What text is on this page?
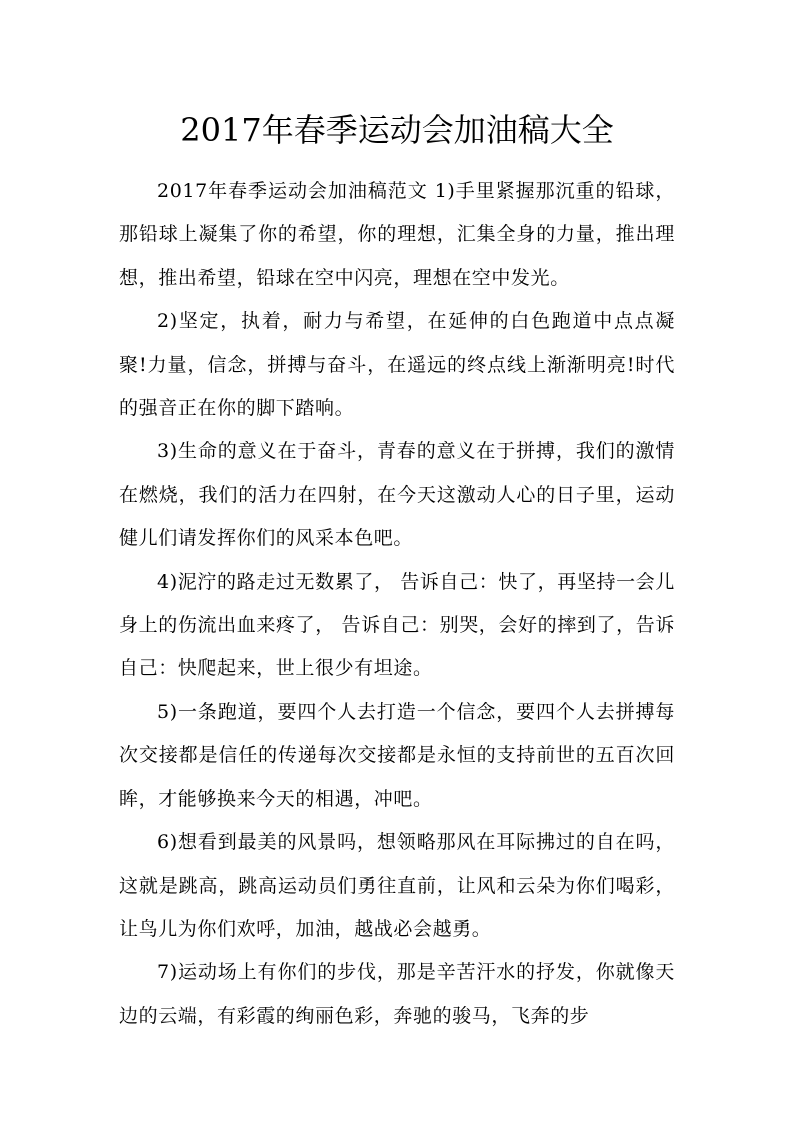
2017年春季运动会加油稿大全

2017年春季运动会加油稿范文 1)手里紧握那沉重的铅球，那铅球上凝集了你的希望，你的理想，汇集全身的力量，推出理想，推出希望，铅球在空中闪亮，理想在空中发光。

2)坚定，执着，耐力与希望，在延伸的白色跑道中点点凝聚!力量，信念，拼搏与奋斗，在遥远的终点线上渐渐明亮!时代的强音正在你的脚下踏响。

3)生命的意义在于奋斗，青春的意义在于拼搏，我们的激情在燃烧，我们的活力在四射，在今天这激动人心的日子里，运动健儿们请发挥你们的风采本色吧。

4)泥泞的路走过无数累了， 告诉自己：快了，再坚持一会儿身上的伤流出血来疼了， 告诉自己：别哭，会好的摔到了，告诉自己：快爬起来，世上很少有坦途。

5)一条跑道，要四个人去打造一个信念，要四个人去拼搏每次交接都是信任的传递每次交接都是永恒的支持前世的五百次回眸，才能够换来今天的相遇，冲吧。

6)想看到最美的风景吗，想领略那风在耳际拂过的自在吗，这就是跳高，跳高运动员们勇往直前，让风和云朵为你们喝彩，让鸟儿为你们欢呼，加油，越战必会越勇。

7)运动场上有你们的步伐，那是辛苦汗水的抒发，你就像天边的云端，有彩霞的绚丽色彩，奔驰的骏马，飞奔的步
